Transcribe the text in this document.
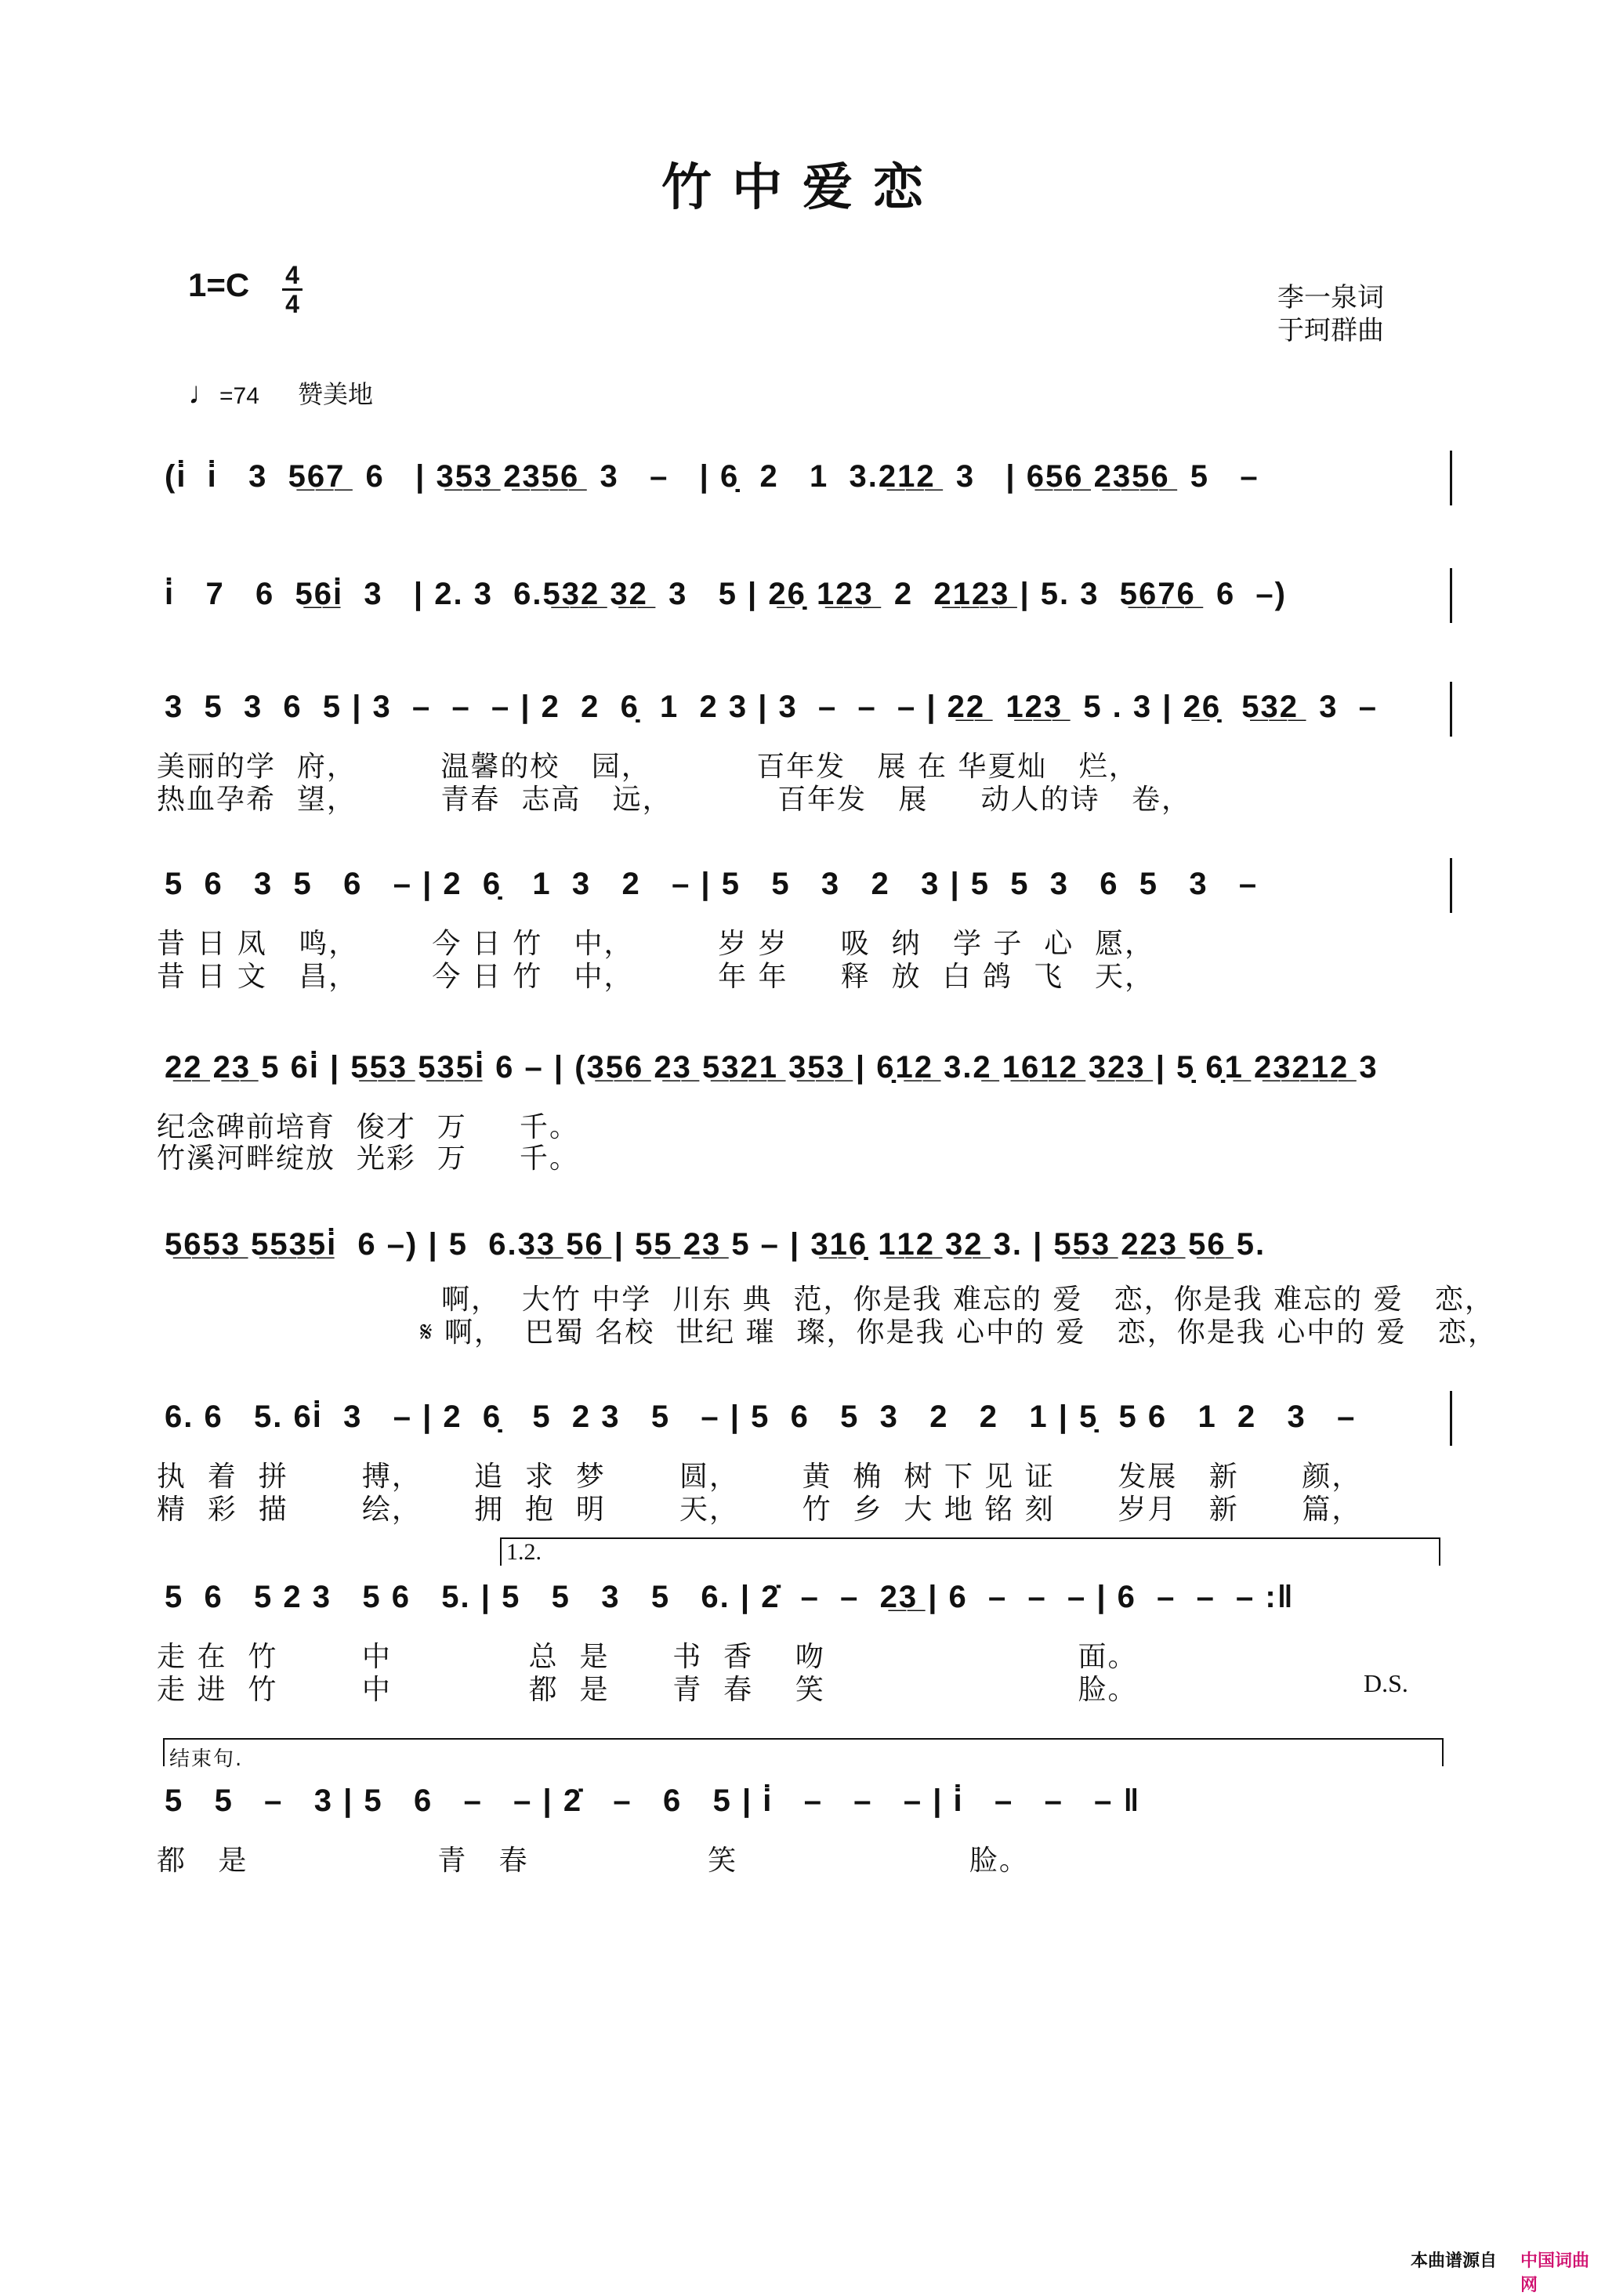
竹中爱恋
1=C 4
4	李一泉词
于珂群曲
♩=74 赞美地
(i̇  i̇   3  5̲6̲7̲  6   | 3̲5̲3̲ 2̲3̲5̲6̲  3   –   | 6̣  2   1  3.2̲1̲2̲  3   | 6̲5̲6̲ 2̲3̲5̲6̲  5   –
i̇   7   6  5̲6̲i̇  3   | 2. 3  6.5̲3̲2̲ 3̲2̲  3   5 | 2̲6̣ 1̲2̲3̲  2  2̲1̲2̲3̲ | 5. 3  5̲6̲7̲6̲  6  –)
3  5  3  6  5 | 3  –  –  – | 2  2  6̣  1  2 3 | 3  –  –  – | 2̲2̲  1̲2̲3̲  5 . 3 | 2̲6̣  5̲3̲2̲  3  –
美丽的学  府，        温馨的校   园，          百年发   展 在 华夏灿   烂，
热血孕希  望，        青春  志高   远，          百年发   展     动人的诗   卷，
5  6   3  5   6   – | 2  6̣   1  3   2   – | 5   5   3   2   3 | 5  5  3   6  5   3   –
昔 日 凤   鸣，       今 日 竹   中，        岁 岁     吸  纳   学 子  心  愿，
昔 日 文   昌，       今 日 竹   中，        年 年     释  放  白 鸽  飞   天，
2̲2̲ 2̲3̲ 5 6i̇ | 5̲5̲3̲ 5̲3̲5̲i̇ 6 – | (3̲5̲6̲ 2̲3̲ 5̲3̲2̲1̲ 3̲5̲3̲ | 6̣1̲2̲ 3.2̲ 1̲6̲1̲2̲ 3̲2̲3̲ | 5̣ 6̣1̲ 2̲3̲2̲1̲2̲ 3
纪念碑前培育  俊才  万     千。
竹溪河畔绽放  光彩  万     千。
5̲6̲5̲3̲ 5̲5̲3̲5̲i̇  6 –) | 5  6.3̲3̲ 5̲6̲ | 5̲5̲ 2̲3̲ 5 – | 3̲1̲6̣ 1̲1̲2̲ 3̲2̲ 3. | 5̲5̲3̲ 2̲2̲3̲ 5̲6̲ 5.
啊，  大竹 中学  川东 典  范，你是我 难忘的 爱   恋，你是我 难忘的 爱   恋，
𝄋 啊，  巴蜀 名校  世纪 璀  璨，你是我 心中的 爱   恋，你是我 心中的 爱   恋，
6. 6   5. 6i̇  3   – | 2  6̣   5  2 3   5   – | 5  6   5  3   2   2   1 | 5̣  5 6   1  2   3   –
执  着  拼       搏，     追  求  梦       圆，      黄  桷  树 下 见 证      发展   新      颜，
精  彩  描       绘，     拥  抱  明       天，      竹  乡  大 地 铭 刻      岁月   新      篇，
1.2.
5  6   5 2 3   5 6   5. | 5   5   3   5   6. | 2̇  –  –  2̲3̲ | 6  –  –  – | 6  –  –  – :‖
走 在  竹        中             总  是      书  香    吻                        面。
走 进  竹        中             都  是      青  春    笑                        脸。	D.S.
结束句.
5   5   –   3 | 5   6   –   – | 2̇   –   6   5 | i̇   –   –   – | i̇   –   –   – ‖
都   是                  青   春                 笑                      脸。
本曲谱源自 中国词曲网
